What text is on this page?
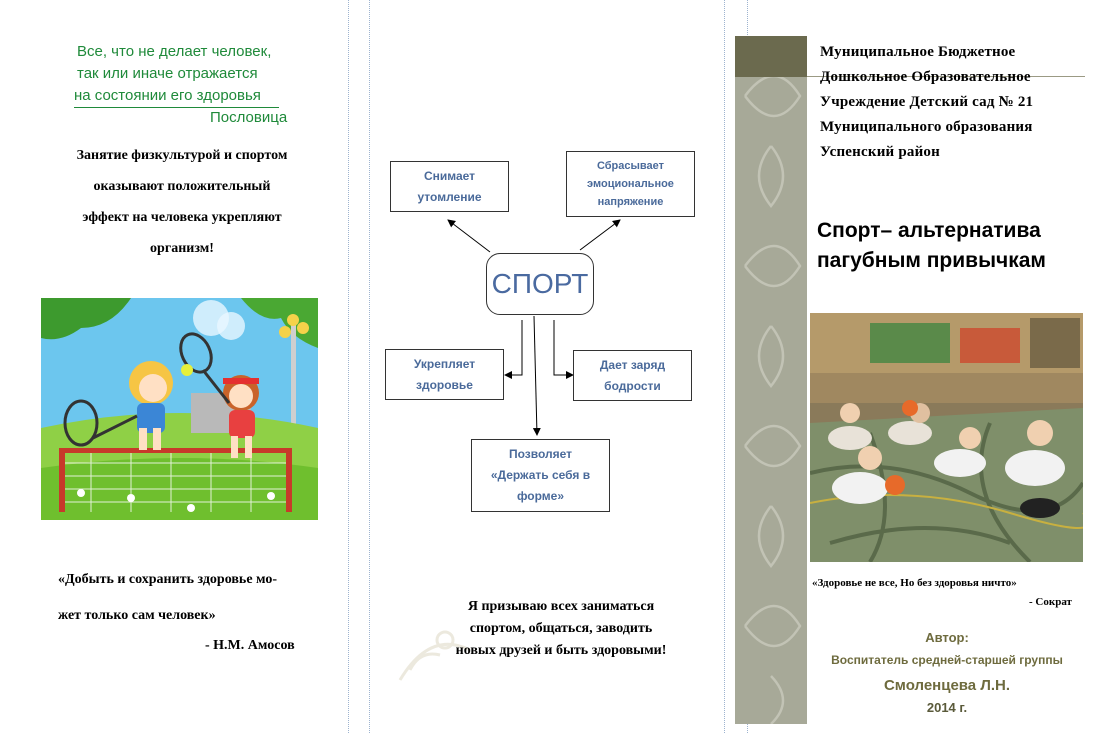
Все, что не делает человек,
так или иначе отражается
на состоянии его здоровья
Пословица
Занятие физкультурой и спортом
оказывают положительный
эффект на человека укрепляют
организм!
«Добыть и сохранить здоровье мо-
жет только сам человек»
- Н.М. Амосов
СПОРТ
Снимает
утомление
Сбрасывает
эмоциональное
напряжение
Укрепляет
здоровье
Дает заряд
бодрости
Позволяет
«Держать себя в
форме»
Я призываю всех заниматься
спортом, общаться, заводить
новых друзей и быть здоровыми!
Муниципальное Бюджетное
Дошкольное Образовательное
Учреждение Детский сад № 21
Муниципального образования
Успенский район
Спорт– альтернатива
пагубным привычкам
«Здоровье не все, Но без здоровья ничто»
- Сократ
Автор:
Воспитатель средней-старшей группы
Смоленцева Л.Н.
2014 г.
